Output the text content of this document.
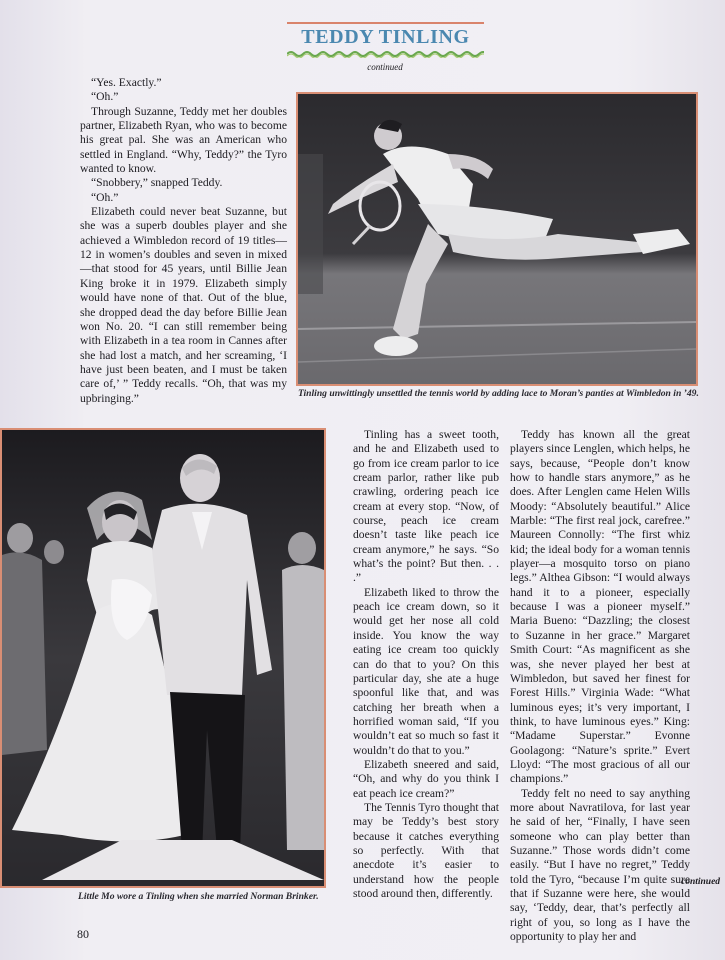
TEDDY TINLING
continued

“Yes. Exactly.”

“Oh.”

Through Suzanne, Teddy met her doubles partner, Elizabeth Ryan, who was to become his great pal. She was an American who settled in England. “Why, Teddy?” the Tyro wanted to know.

“Snobbery,” snapped Teddy.

“Oh.”

Elizabeth could never beat Suzanne, but she was a superb doubles player and she achieved a Wimbledon record of 19 titles—12 in women’s doubles and seven in mixed—that stood for 45 years, until Billie Jean King broke it in 1979. Elizabeth simply would have none of that. Out of the blue, she dropped dead the day before Billie Jean won No. 20. “I can still remember being with Elizabeth in a tea room in Cannes after she had lost a match, and her screaming, ‘I have just been beaten, and I must be taken care of,’ ” Teddy recalls. “Oh, that was my upbringing.”	Tinling unwittingly unsettled the tennis world by adding lace to Moran’s panties at Wimbledon in ’49.
Little Mo wore a Tinling when she married Norman Brinker.

Tinling has a sweet tooth, and he and Elizabeth used to go from ice cream parlor to ice cream parlor, rather like pub crawling, ordering peach ice cream at every stop. “Now, of course, peach ice cream doesn’t taste like peach ice cream anymore,” he says. “So what’s the point? But then. . . .”

Elizabeth liked to throw the peach ice cream down, so it would get her nose all cold inside. You know the way eating ice cream too quickly can do that to you? On this particular day, she ate a huge spoonful like that, and was catching her breath when a horrified woman said, “If you wouldn’t eat so much so fast it wouldn’t do that to you.”

Elizabeth sneered and said, “Oh, and why do you think I eat peach ice cream?”

The Tennis Tyro thought that may be Teddy’s best story because it catches everything so perfectly. With that anecdote it’s easier to understand how the people stood around then, differently.

Teddy has known all the great players since Lenglen, which helps, he says, because, “People don’t know how to handle stars anymore,” as he does. After Lenglen came Helen Wills Moody: “Absolutely beautiful.” Alice Marble: “The first real jock, carefree.” Maureen Connolly: “The first whiz kid; the ideal body for a woman tennis player—a mosquito torso on piano legs.” Althea Gibson: “I would always hand it to a pioneer, especially because I was a pioneer myself.” Maria Bueno: “Dazzling; the closest to Suzanne in her grace.” Margaret Smith Court: “As magnificent as she was, she never played her best at Wimbledon, but saved her finest for Forest Hills.” Virginia Wade: “What luminous eyes; it’s very important, I think, to have luminous eyes.” King: “Madame Superstar.” Evonne Goolagong: “Nature’s sprite.” Evert Lloyd: “The most gracious of all our champions.”

Teddy felt no need to say anything more about Navratilova, for last year he said of her, “Finally, I have seen someone who can play better than Suzanne.” Those words didn’t come easily. “But I have no regret,” Teddy told the Tyro, “because I’m quite sure that if Suzanne were here, she would say, ‘Teddy, dear, that’s perfectly all right of you, so long as I have the opportunity to play her and

continued
80
